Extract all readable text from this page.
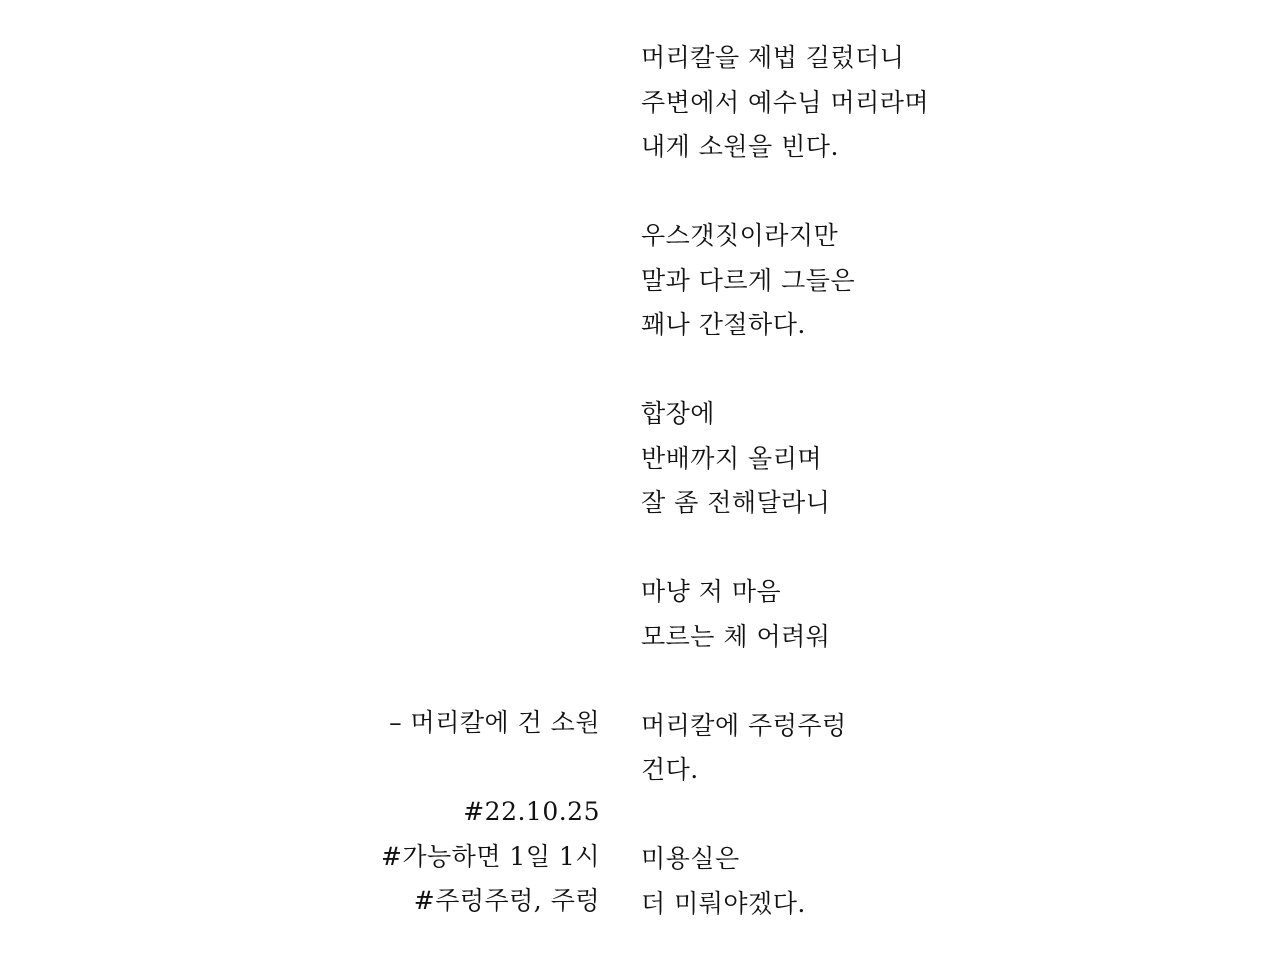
머리칼을 제법 길렀더니
주변에서 예수님 머리라며
내게 소원을 빈다.
우스갯짓이라지만
말과 다르게 그들은
꽤나 간절하다.
합장에
반배까지 올리며
잘 좀 전해달라니
마냥 저 마음
모르는 체 어려워
머리칼에 주렁주렁
건다.
미용실은
더 미뤄야겠다.
– 머리칼에 건 소원
#22.10.25
#가능하면 1일 1시
#주렁주렁, 주렁
